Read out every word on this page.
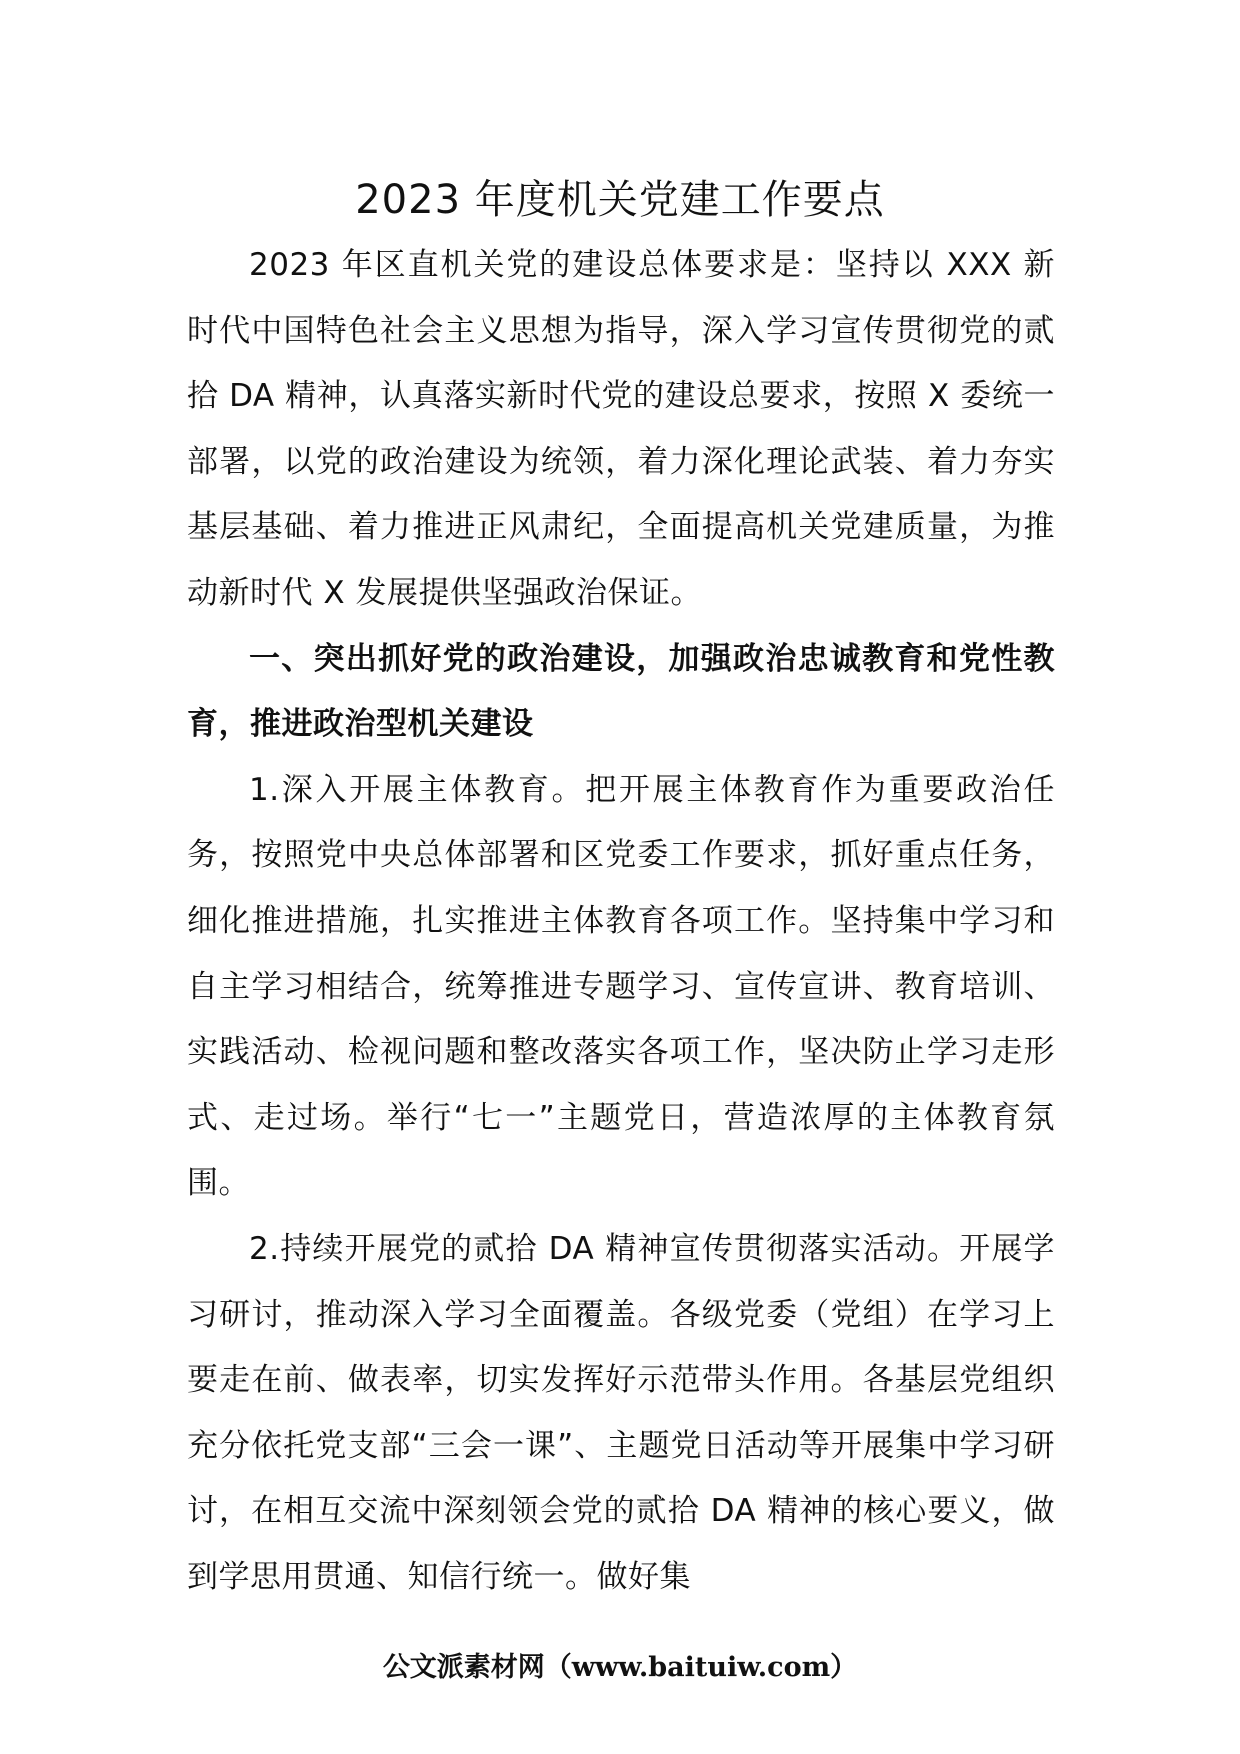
2023 年度机关党建工作要点

2023 年区直机关党的建设总体要求是：坚持以 XXX 新时代中国特色社会主义思想为指导，深入学习宣传贯彻党的贰拾 DA 精神，认真落实新时代党的建设总要求，按照 X 委统一部署，以党的政治建设为统领，着力深化理论武装、着力夯实基层基础、着力推进正风肃纪，全面提高机关党建质量，为推动新时代 X 发展提供坚强政治保证。

一、突出抓好党的政治建设，加强政治忠诚教育和党性教育，推进政治型机关建设

1.深入开展主体教育。把开展主体教育作为重要政治任务，按照党中央总体部署和区党委工作要求，抓好重点任务，细化推进措施，扎实推进主体教育各项工作。坚持集中学习和自主学习相结合，统筹推进专题学习、宣传宣讲、教育培训、实践活动、检视问题和整改落实各项工作，坚决防止学习走形式、走过场。举行“七一”主题党日，营造浓厚的主体教育氛围。

2.持续开展党的贰拾 DA 精神宣传贯彻落实活动。开展学习研讨，推动深入学习全面覆盖。各级党委（党组）在学习上要走在前、做表率，切实发挥好示范带头作用。各基层党组织充分依托党支部“三会一课”、主题党日活动等开展集中学习研讨，在相互交流中深刻领会党的贰拾 DA 精神的核心要义，做到学思用贯通、知信行统一。做好集

公文派素材网（www.baituiw.com）
